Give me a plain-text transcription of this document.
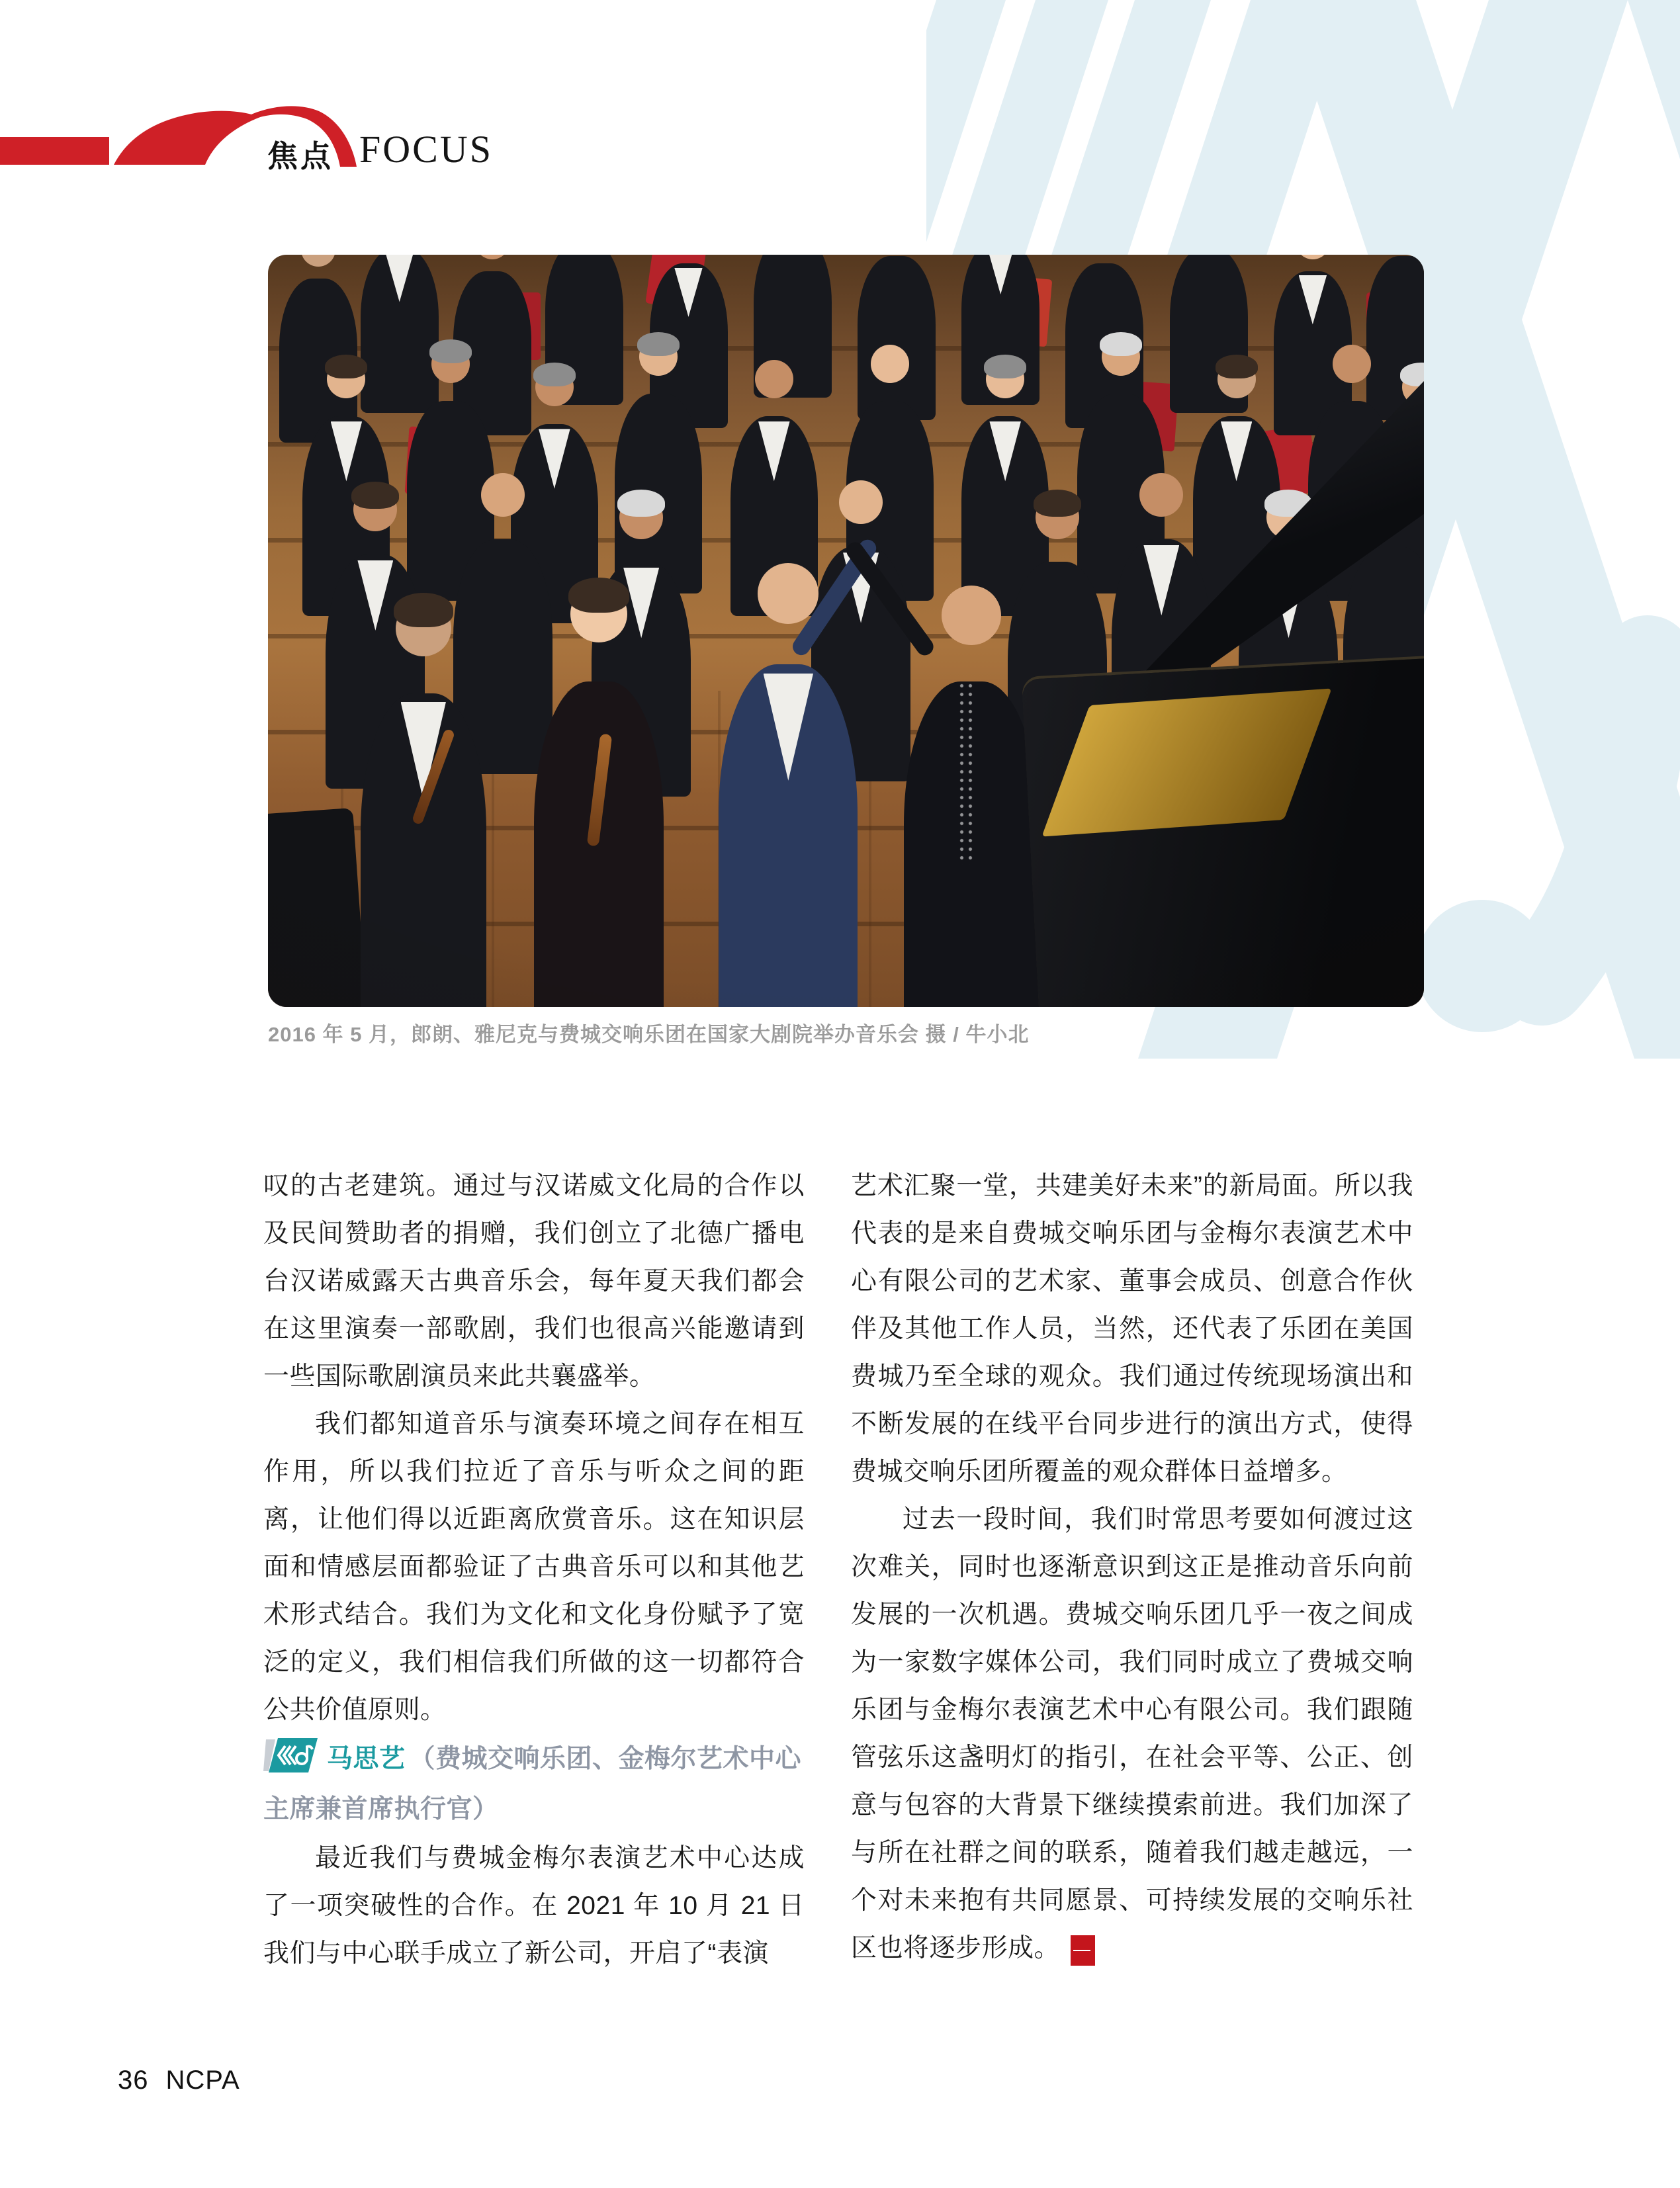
焦点 FOCUS
2016 年 5 月，郎朗、雅尼克与费城交响乐团在国家大剧院举办音乐会 摄 / 牛小北

叹的古老建筑。通过与汉诺威文化局的合作以及民间赞助者的捐赠，我们创立了北德广播电台汉诺威露天古典音乐会，每年夏天我们都会在这里演奏一部歌剧，我们也很高兴能邀请到一些国际歌剧演员来此共襄盛举。

我们都知道音乐与演奏环境之间存在相互作用，所以我们拉近了音乐与听众之间的距离，让他们得以近距离欣赏音乐。这在知识层面和情感层面都验证了古典音乐可以和其他艺术形式结合。我们为文化和文化身份赋予了宽泛的定义，我们相信我们所做的这一切都符合公共价值原则。

马思艺 （费城交响乐团、金梅尔艺术中心
主席兼首席执行官）

最近我们与费城金梅尔表演艺术中心达成了一项突破性的合作。在 2021 年 10 月 21 日我们与中心联手成立了新公司，开启了“表演

艺术汇聚一堂，共建美好未来”的新局面。所以我代表的是来自费城交响乐团与金梅尔表演艺术中心有限公司的艺术家、董事会成员、创意合作伙伴及其他工作人员，当然，还代表了乐团在美国费城乃至全球的观众。我们通过传统现场演出和不断发展的在线平台同步进行的演出方式，使得费城交响乐团所覆盖的观众群体日益增多。

过去一段时间，我们时常思考要如何渡过这次难关，同时也逐渐意识到这正是推动音乐向前发展的一次机遇。费城交响乐团几乎一夜之间成为一家数字媒体公司，我们同时成立了费城交响乐团与金梅尔表演艺术中心有限公司。我们跟随管弦乐这盏明灯的指引，在社会平等、公正、创意与包容的大背景下继续摸索前进。我们加深了与所在社群之间的联系，随着我们越走越远，一个对未来抱有共同愿景、可持续发展的交响乐社区也将逐步形成。 $\frac{NC}{PA}$

36 NCPA
